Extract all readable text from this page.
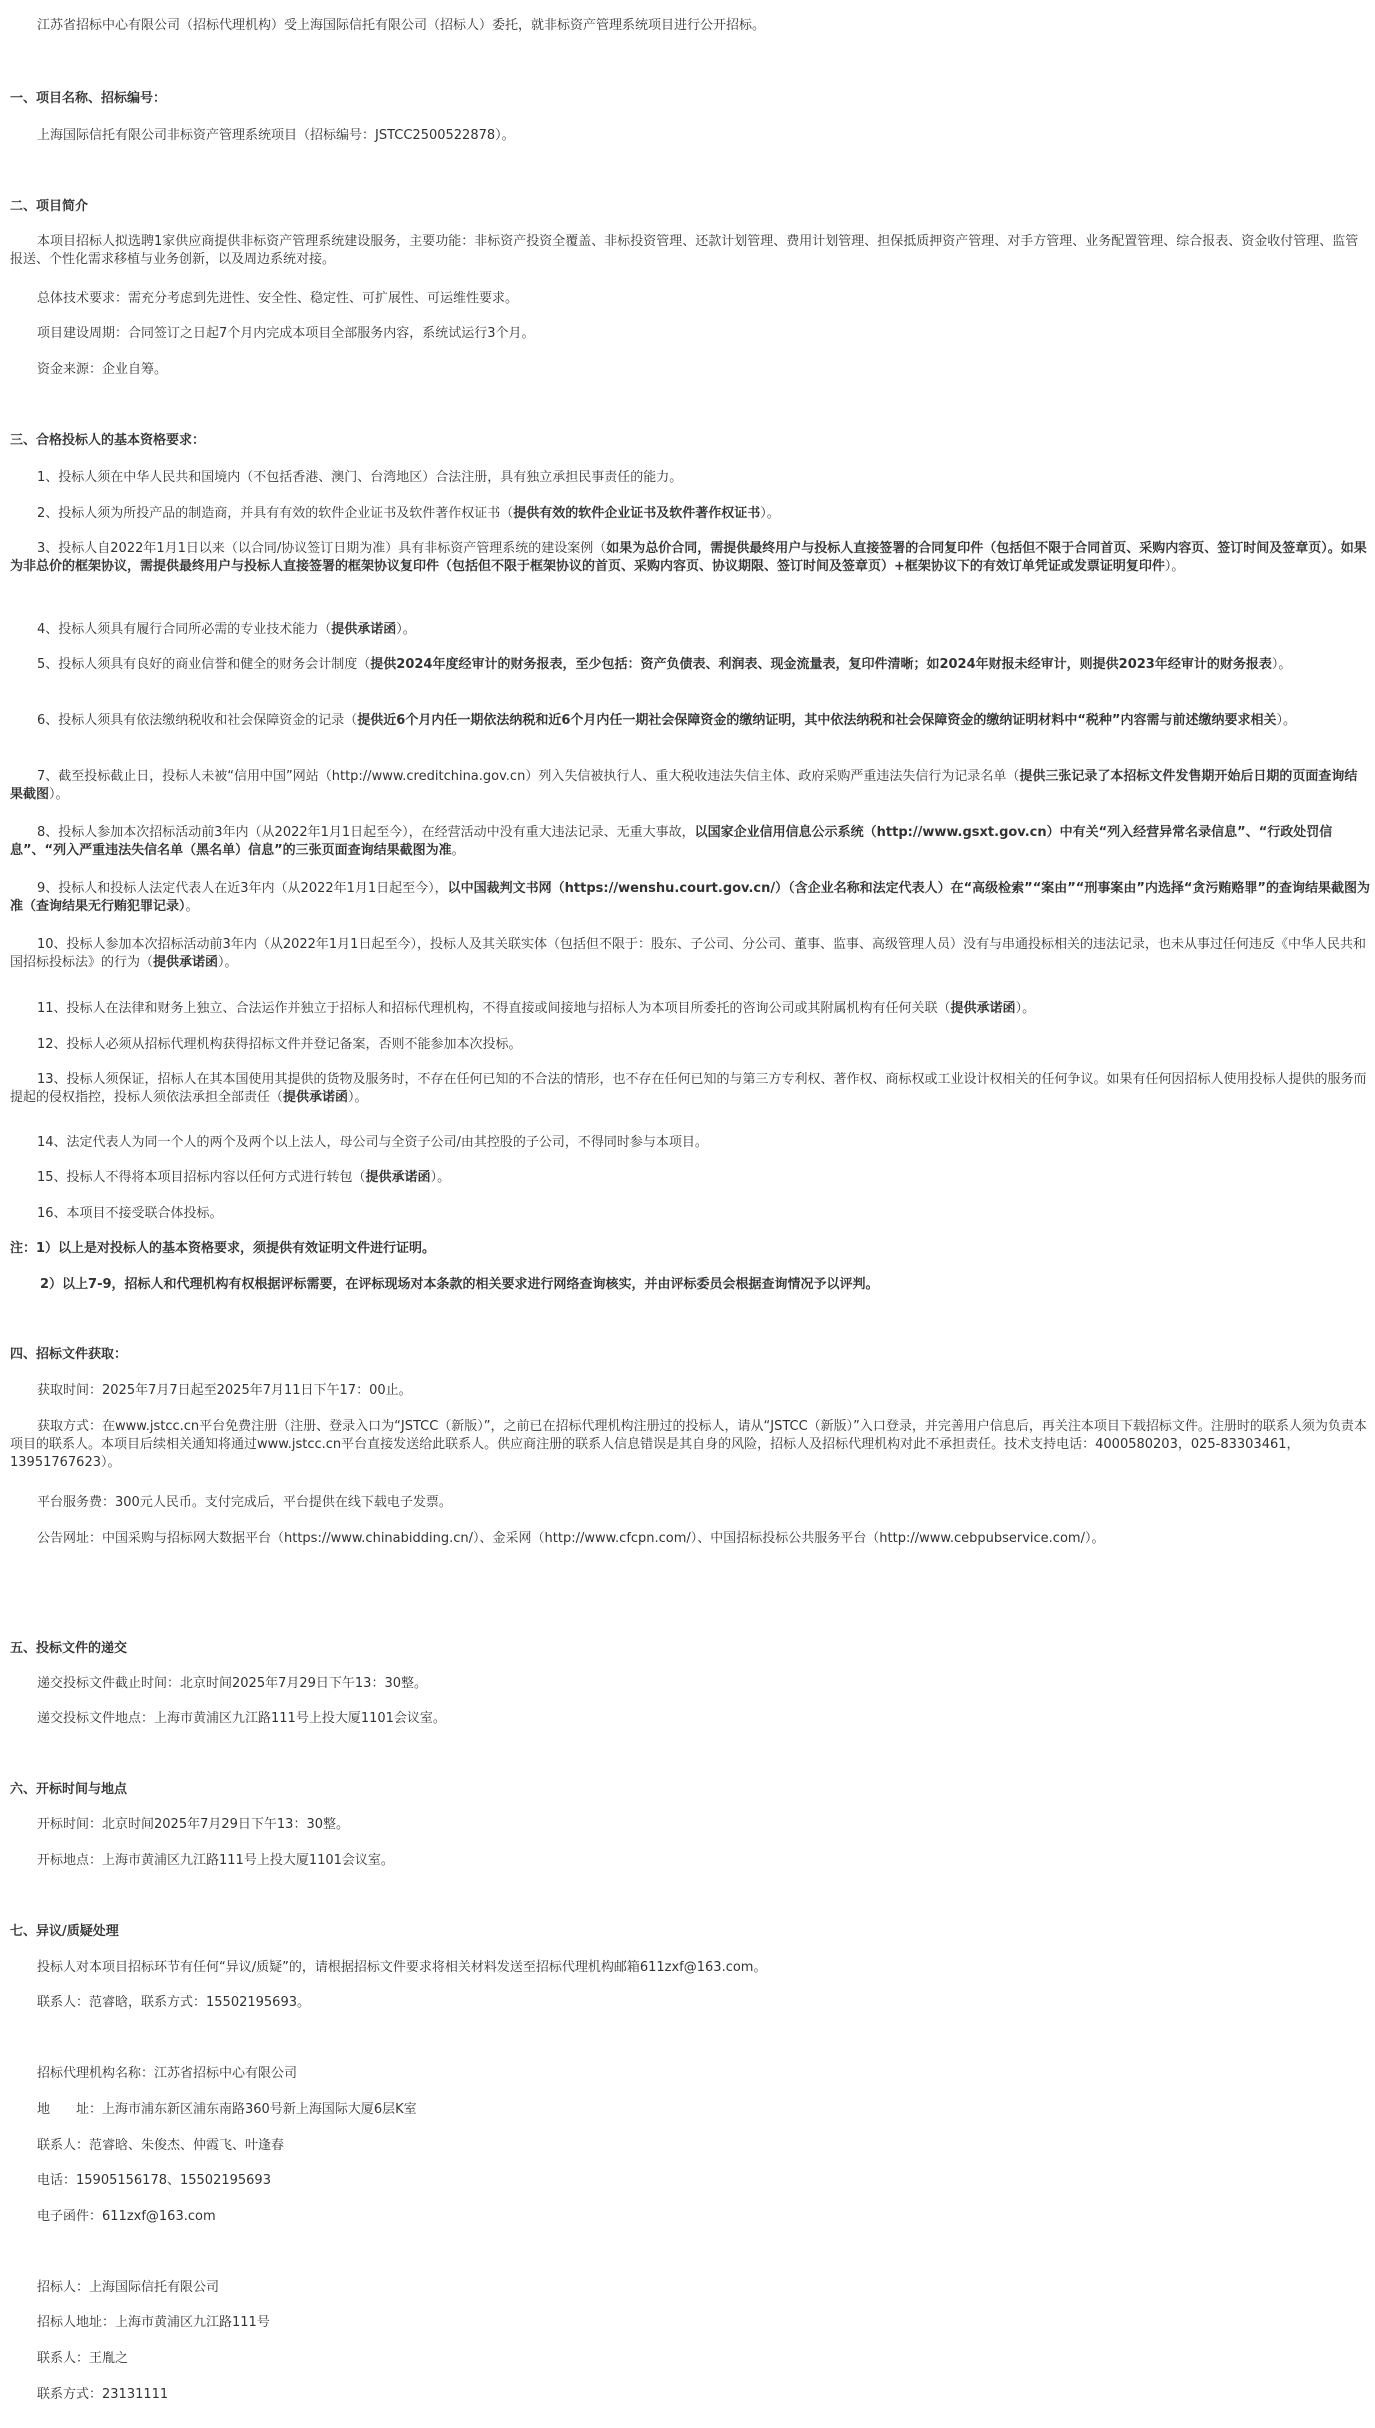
江苏省招标中心有限公司（招标代理机构）受上海国际信托有限公司（招标人）委托，就非标资产管理系统项目进行公开招标。
一、项目名称、招标编号：
上海国际信托有限公司非标资产管理系统项目（招标编号：JSTCC2500522878）。
二、项目简介
本项目招标人拟选聘1家供应商提供非标资产管理系统建设服务，主要功能：非标资产投资全覆盖、非标投资管理、还款计划管理、费用计划管理、担保抵质押资产管理、对手方管理、业务配置管理、综合报表、资金收付管理、监管报送、个性化需求移植与业务创新，以及周边系统对接。
总体技术要求：需充分考虑到先进性、安全性、稳定性、可扩展性、可运维性要求。
项目建设周期：合同签订之日起7个月内完成本项目全部服务内容，系统试运行3个月。
资金来源：企业自筹。
三、合格投标人的基本资格要求：
1、投标人须在中华人民共和国境内（不包括香港、澳门、台湾地区）合法注册，具有独立承担民事责任的能力。
2、投标人须为所投产品的制造商，并具有有效的软件企业证书及软件著作权证书（提供有效的软件企业证书及软件著作权证书）。
3、投标人自2022年1月1日以来（以合同/协议签订日期为准）具有非标资产管理系统的建设案例（如果为总价合同，需提供最终用户与投标人直接签署的合同复印件（包括但不限于合同首页、采购内容页、签订时间及签章页）。如果为非总价的框架协议，需提供最终用户与投标人直接签署的框架协议复印件（包括但不限于框架协议的首页、采购内容页、协议期限、签订时间及签章页）+框架协议下的有效订单凭证或发票证明复印件）。
4、投标人须具有履行合同所必需的专业技术能力（提供承诺函）。
5、投标人须具有良好的商业信誉和健全的财务会计制度（提供2024年度经审计的财务报表，至少包括：资产负债表、利润表、现金流量表，复印件清晰；如2024年财报未经审计，则提供2023年经审计的财务报表）。
6、投标人须具有依法缴纳税收和社会保障资金的记录（提供近6个月内任一期依法纳税和近6个月内任一期社会保障资金的缴纳证明，其中依法纳税和社会保障资金的缴纳证明材料中“税种”内容需与前述缴纳要求相关）。
7、截至投标截止日，投标人未被“信用中国”网站（http://www.creditchina.gov.cn）列入失信被执行人、重大税收违法失信主体、政府采购严重违法失信行为记录名单（提供三张记录了本招标文件发售期开始后日期的页面查询结果截图）。
8、投标人参加本次招标活动前3年内（从2022年1月1日起至今），在经营活动中没有重大违法记录、无重大事故，以国家企业信用信息公示系统（http://www.gsxt.gov.cn）中有关“列入经营异常名录信息”、“行政处罚信息”、“列入严重违法失信名单（黑名单）信息”的三张页面查询结果截图为准。
9、投标人和投标人法定代表人在近3年内（从2022年1月1日起至今），以中国裁判文书网（https://wenshu.court.gov.cn/）（含企业名称和法定代表人）在“高级检索”“案由”“刑事案由”内选择“贪污贿赂罪”的查询结果截图为准（查询结果无行贿犯罪记录）。
10、投标人参加本次招标活动前3年内（从2022年1月1日起至今），投标人及其关联实体（包括但不限于：股东、子公司、分公司、董事、监事、高级管理人员）没有与串通投标相关的违法记录，也未从事过任何违反《中华人民共和国招标投标法》的行为（提供承诺函）。
11、投标人在法律和财务上独立、合法运作并独立于招标人和招标代理机构，不得直接或间接地与招标人为本项目所委托的咨询公司或其附属机构有任何关联（提供承诺函）。
12、投标人必须从招标代理机构获得招标文件并登记备案，否则不能参加本次投标。
13、投标人须保证，招标人在其本国使用其提供的货物及服务时，不存在任何已知的不合法的情形，也不存在任何已知的与第三方专利权、著作权、商标权或工业设计权相关的任何争议。如果有任何因招标人使用投标人提供的服务而提起的侵权指控，投标人须依法承担全部责任（提供承诺函）。
14、法定代表人为同一个人的两个及两个以上法人，母公司与全资子公司/由其控股的子公司，不得同时参与本项目。
15、投标人不得将本项目招标内容以任何方式进行转包（提供承诺函）。
16、本项目不接受联合体投标。
注：1）以上是对投标人的基本资格要求，须提供有效证明文件进行证明。
2）以上7-9，招标人和代理机构有权根据评标需要，在评标现场对本条款的相关要求进行网络查询核实，并由评标委员会根据查询情况予以评判。
四、招标文件获取：
获取时间：2025年7月7日起至2025年7月11日下午17：00止。
获取方式：在www.jstcc.cn平台免费注册（注册、登录入口为“JSTCC（新版）”，之前已在招标代理机构注册过的投标人，请从“JSTCC（新版）”入口登录，并完善用户信息后，再关注本项目下载招标文件。注册时的联系人须为负责本项目的联系人。本项目后续相关通知将通过www.jstcc.cn平台直接发送给此联系人。供应商注册的联系人信息错误是其自身的风险，招标人及招标代理机构对此不承担责任。技术支持电话：4000580203，025-83303461，13951767623）。
平台服务费：300元人民币。支付完成后，平台提供在线下载电子发票。
公告网址：中国采购与招标网大数据平台（https://www.chinabidding.cn/）、金采网（http://www.cfcpn.com/）、中国招标投标公共服务平台（http://www.cebpubservice.com/）。
五、投标文件的递交
递交投标文件截止时间：北京时间2025年7月29日下午13：30整。
递交投标文件地点：上海市黄浦区九江路111号上投大厦1101会议室。
六、开标时间与地点
开标时间：北京时间2025年7月29日下午13：30整。
开标地点：上海市黄浦区九江路111号上投大厦1101会议室。
七、异议/质疑处理
投标人对本项目招标环节有任何“异议/质疑”的，请根据招标文件要求将相关材料发送至招标代理机构邮箱611zxf@163.com。
联系人：范睿晗，联系方式：15502195693。
招标代理机构名称：江苏省招标中心有限公司
地　　址：上海市浦东新区浦东南路360号新上海国际大厦6层K室
联系人：范睿晗、朱俊杰、仲霞飞、叶逢春
电话：15905156178、15502195693
电子函件：611zxf@163.com
招标人：上海国际信托有限公司
招标人地址：上海市黄浦区九江路111号
联系人：王胤之
联系方式：23131111
